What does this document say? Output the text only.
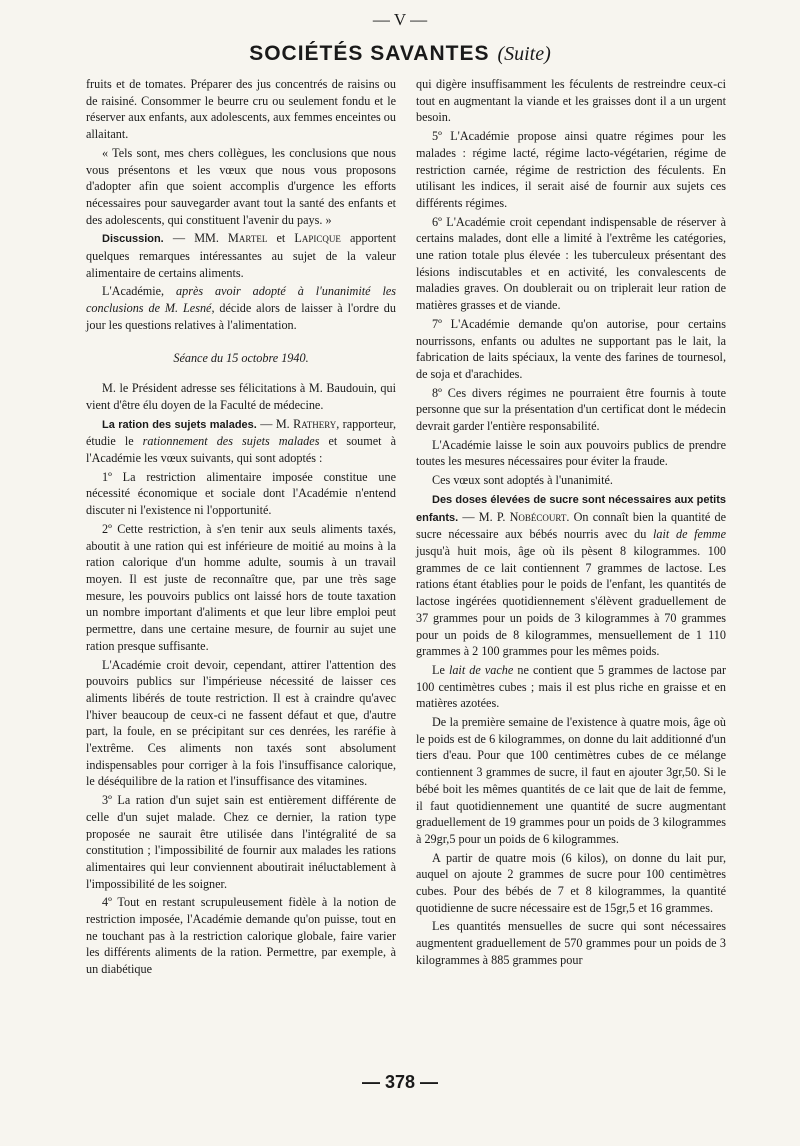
— V —
SOCIÉTÉS SAVANTES (Suite)

fruits et de tomates. Préparer des jus concentrés de raisins ou de raisiné. Consommer le beurre cru ou seulement fondu et le réserver aux enfants, aux adolescents, aux femmes enceintes ou allaitant.

« Tels sont, mes chers collègues, les conclusions que nous vous présentons et les vœux que nous vous proposons d'adopter afin que soient accomplis d'urgence les efforts nécessaires pour sauvegarder avant tout la santé des enfants et des adolescents, qui constituent l'avenir du pays. »

Discussion. — MM. Martel et Lapicque apportent quelques remarques intéressantes au sujet de la valeur alimentaire de certains aliments.

L'Académie, après avoir adopté à l'unanimité les conclusions de M. Lesné, décide alors de laisser à l'ordre du jour les questions relatives à l'alimentation.

Séance du 15 octobre 1940.

M. le Président adresse ses félicitations à M. Baudouin, qui vient d'être élu doyen de la Faculté de médecine.

La ration des sujets malades. — M. Rathery, rapporteur, étudie le rationnement des sujets malades et soumet à l'Académie les vœux suivants, qui sont adoptés :

1º La restriction alimentaire imposée constitue une nécessité économique et sociale dont l'Académie n'entend discuter ni l'existence ni l'opportunité.

2º Cette restriction, à s'en tenir aux seuls aliments taxés, aboutit à une ration qui est inférieure de moitié au moins à la ration calorique d'un homme adulte, soumis à un travail moyen. Il est juste de reconnaître que, par une très sage mesure, les pouvoirs publics ont laissé hors de toute taxation un nombre important d'aliments et que leur libre emploi peut permettre, dans une certaine mesure, de fournir au sujet une ration presque suffisante.

L'Académie croit devoir, cependant, attirer l'attention des pouvoirs publics sur l'impérieuse nécessité de laisser ces aliments libérés de toute restriction. Il est à craindre qu'avec l'hiver beaucoup de ceux-ci ne fassent défaut et que, d'autre part, la foule, en se précipitant sur ces denrées, les raréfie à l'extrême. Ces aliments non taxés sont absolument indispensables pour corriger à la fois l'insuffisance calorique, le déséquilibre de la ration et l'insuffisance des vitamines.

3º La ration d'un sujet sain est entièrement différente de celle d'un sujet malade. Chez ce dernier, la ration type proposée ne saurait être utilisée dans l'intégralité de sa constitution ; l'impossibilité de fournir aux malades les rations alimentaires qui leur conviennent aboutirait inéluctablement à l'impossibilité de les soigner.

4º Tout en restant scrupuleusement fidèle à la notion de restriction imposée, l'Académie demande qu'on puisse, tout en ne touchant pas à la restriction calorique globale, faire varier les différents aliments de la ration. Permettre, par exemple, à un diabétique

qui digère insuffisamment les féculents de restreindre ceux-ci tout en augmentant la viande et les graisses dont il a un urgent besoin.

5º L'Académie propose ainsi quatre régimes pour les malades : régime lacté, régime lacto-végétarien, régime de restriction carnée, régime de restriction des féculents. En utilisant les indices, il serait aisé de fournir aux sujets ces différents régimes.

6º L'Académie croit cependant indispensable de réserver à certains malades, dont elle a limité à l'extrême les catégories, une ration totale plus élevée : les tuberculeux présentant des lésions indiscutables et en activité, les convalescents de maladies graves. On doublerait ou on triplerait leur ration de matières grasses et de viande.

7º L'Académie demande qu'on autorise, pour certains nourrissons, enfants ou adultes ne supportant pas le lait, la fabrication de laits spéciaux, la vente des farines de tournesol, de soja et d'arachides.

8º Ces divers régimes ne pourraient être fournis à toute personne que sur la présentation d'un certificat dont le médecin devrait garder l'entière responsabilité.

L'Académie laisse le soin aux pouvoirs publics de prendre toutes les mesures nécessaires pour éviter la fraude.

Ces vœux sont adoptés à l'unanimité.

Des doses élevées de sucre sont nécessaires aux petits enfants. — M. P. Nobécourt. On connaît bien la quantité de sucre nécessaire aux bébés nourris avec du lait de femme jusqu'à huit mois, âge où ils pèsent 8 kilogrammes. 100 grammes de ce lait contiennent 7 grammes de lactose. Les rations étant établies pour le poids de l'enfant, les quantités de lactose ingérées quotidiennement s'élèvent graduellement de 37 grammes pour un poids de 3 kilogrammes à 70 grammes pour un poids de 8 kilogrammes, mensuellement de 1 110 grammes à 2 100 grammes pour les mêmes poids.

Le lait de vache ne contient que 5 grammes de lactose par 100 centimètres cubes ; mais il est plus riche en graisse et en matières azotées.

De la première semaine de l'existence à quatre mois, âge où le poids est de 6 kilogrammes, on donne du lait additionné d'un tiers d'eau. Pour que 100 centimètres cubes de ce mélange contiennent 3 grammes de sucre, il faut en ajouter 3gr,50. Si le bébé boit les mêmes quantités de ce lait que de lait de femme, il faut quotidiennement une quantité de sucre augmentant graduellement de 19 grammes pour un poids de 3 kilogrammes à 29gr,5 pour un poids de 6 kilogrammes.

A partir de quatre mois (6 kilos), on donne du lait pur, auquel on ajoute 2 grammes de sucre pour 100 centimètres cubes. Pour des bébés de 7 et 8 kilogrammes, la quantité quotidienne de sucre nécessaire est de 15gr,5 et 16 grammes.

Les quantités mensuelles de sucre qui sont nécessaires augmentent graduellement de 570 grammes pour un poids de 3 kilogrammes à 885 grammes pour

— 378 —
